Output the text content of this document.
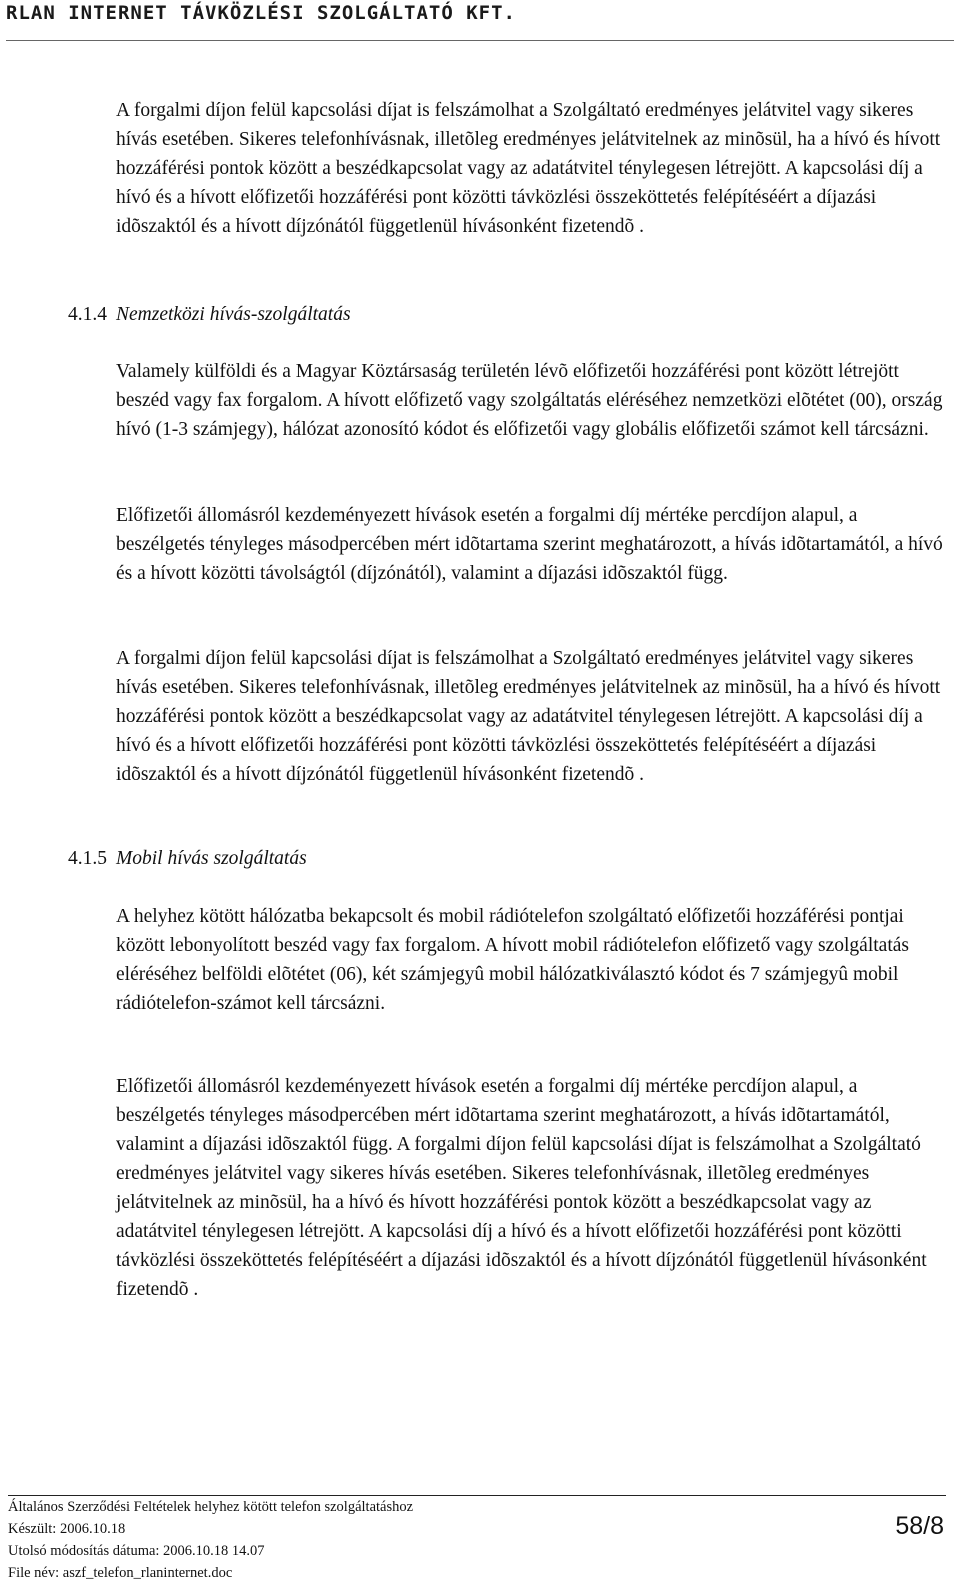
RLAN INTERNET TÁVKÖZLÉSI SZOLGÁLTATÓ KFT.

A forgalmi díjon felül kapcsolási díjat is felszámolhat a Szolgáltató eredményes jelátvitel vagy sikeres hívás esetében. Sikeres telefonhívásnak, illetõleg eredményes jelátvitelnek az minõsül, ha a hívó és hívott hozzáférési pontok között a beszédkapcsolat vagy az adatátvitel ténylegesen létrejött. A kapcsolási díj a hívó és a hívott előfizetői hozzáférési pont közötti távközlési összeköttetés felépítéséért a díjazási idõszaktól és a hívott díjzónától függetlenül hívásonként fizetendõ .

4.1.4 Nemzetközi hívás-szolgáltatás

Valamely külföldi és a Magyar Köztársaság területén lévõ előfizetői hozzáférési pont között létrejött beszéd vagy fax forgalom. A hívott előfizető vagy szolgáltatás eléréséhez nemzetközi elõtétet (00), ország hívó (1-3 számjegy), hálózat azonosító kódot és előfizetői vagy globális előfizetői számot kell tárcsázni.

Előfizetői állomásról kezdeményezett hívások esetén a forgalmi díj mértéke percdíjon alapul, a beszélgetés tényleges másodpercében mért idõtartama szerint meghatározott, a hívás idõtartamától, a hívó és a hívott közötti távolságtól (díjzónától), valamint a díjazási idõszaktól függ.

A forgalmi díjon felül kapcsolási díjat is felszámolhat a Szolgáltató eredményes jelátvitel vagy sikeres hívás esetében. Sikeres telefonhívásnak, illetõleg eredményes jelátvitelnek az minõsül, ha a hívó és hívott hozzáférési pontok között a beszédkapcsolat vagy az adatátvitel ténylegesen létrejött. A kapcsolási díj a hívó és a hívott előfizetői hozzáférési pont közötti távközlési összeköttetés felépítéséért a díjazási idõszaktól és a hívott díjzónától függetlenül hívásonként fizetendõ .

4.1.5 Mobil hívás szolgáltatás

A helyhez kötött hálózatba bekapcsolt és mobil rádiótelefon szolgáltató előfizetői hozzáférési pontjai között lebonyolított beszéd vagy fax forgalom. A hívott mobil rádiótelefon előfizető vagy szolgáltatás eléréséhez belföldi elõtétet (06), két számjegyû mobil hálózatkiválasztó kódot és 7 számjegyû mobil rádiótelefon-számot kell tárcsázni.

Előfizetői állomásról kezdeményezett hívások esetén a forgalmi díj mértéke percdíjon alapul, a beszélgetés tényleges másodpercében mért idõtartama szerint meghatározott, a hívás idõtartamától, valamint a díjazási idõszaktól függ. A forgalmi díjon felül kapcsolási díjat is felszámolhat a Szolgáltató eredményes jelátvitel vagy sikeres hívás esetében. Sikeres telefonhívásnak, illetõleg eredményes jelátvitelnek az minõsül, ha a hívó és hívott hozzáférési pontok között a beszédkapcsolat vagy az adatátvitel ténylegesen létrejött. A kapcsolási díj a hívó és a hívott előfizetői hozzáférési pont közötti távközlési összeköttetés felépítéséért a díjazási idõszaktól és a hívott díjzónától függetlenül hívásonként fizetendõ .

Általános Szerződési Feltételek helyhez kötött telefon szolgáltatáshoz
Készült: 2006.10.18
Utolsó módosítás dátuma: 2006.10.18 14.07
File név: aszf_telefon_rlaninternet.doc
58/8
